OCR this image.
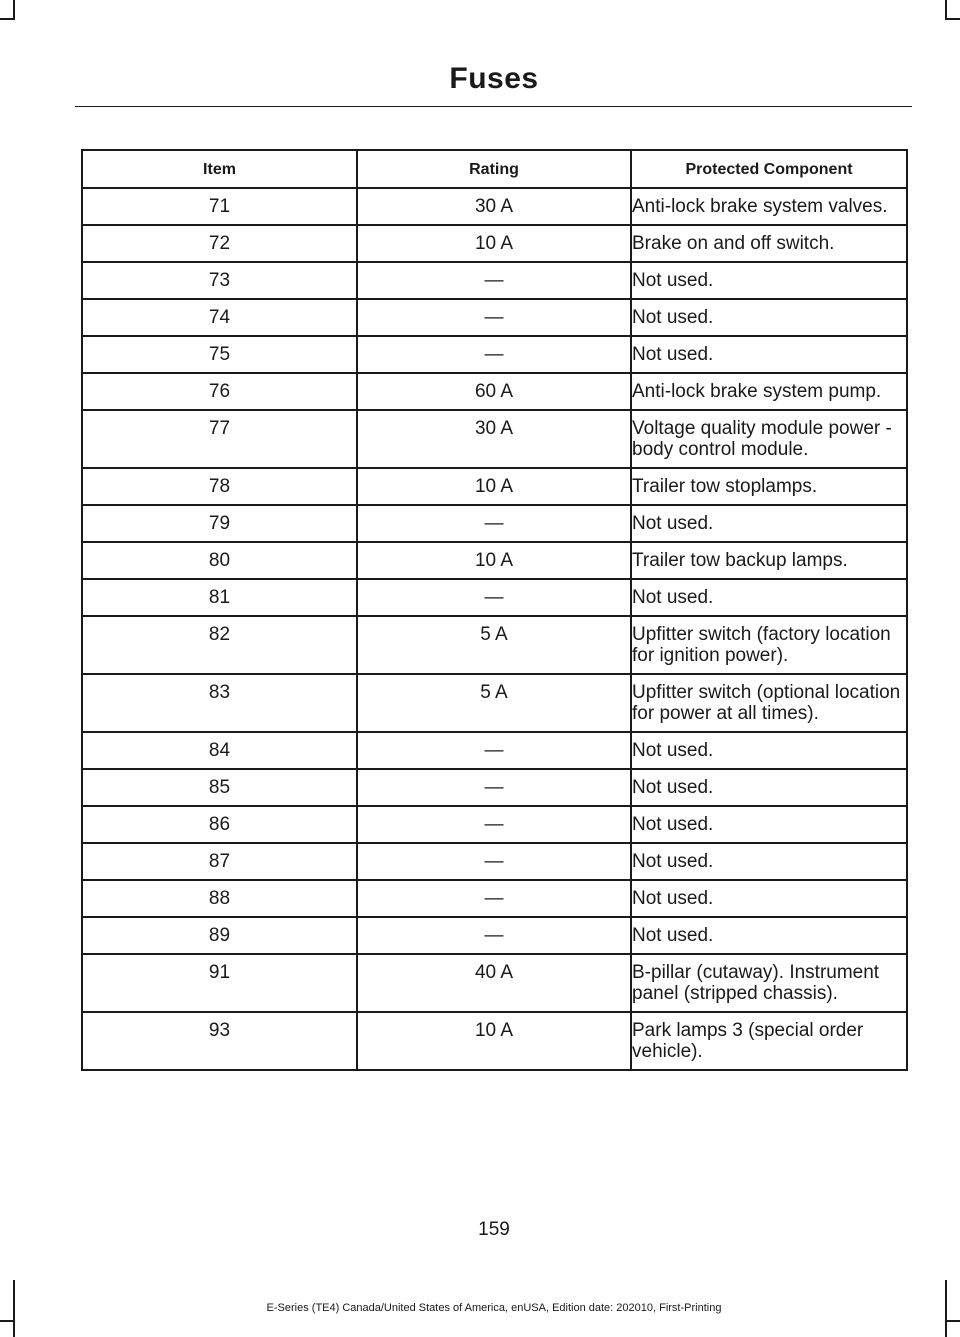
Fuses
Item	Rating	Protected Component
71	30 A	Anti-lock brake system valves.
72	10 A	Brake on and off switch.
73	—	Not used.
74	—	Not used.
75	—	Not used.
76	60 A	Anti-lock brake system pump.
77	30 A	Voltage quality module power - body control module.
78	10 A	Trailer tow stoplamps.
79	—	Not used.
80	10 A	Trailer tow backup lamps.
81	—	Not used.
82	5 A	Upfitter switch (factory location for ignition power).
83	5 A	Upfitter switch (optional location for power at all times).
84	—	Not used.
85	—	Not used.
86	—	Not used.
87	—	Not used.
88	—	Not used.
89	—	Not used.
91	40 A	B-pillar (cutaway). Instrument panel (stripped chassis).
93	10 A	Park lamps 3 (special order vehicle).
159
E-Series (TE4) Canada/United States of America, enUSA, Edition date: 202010, First-Printing
